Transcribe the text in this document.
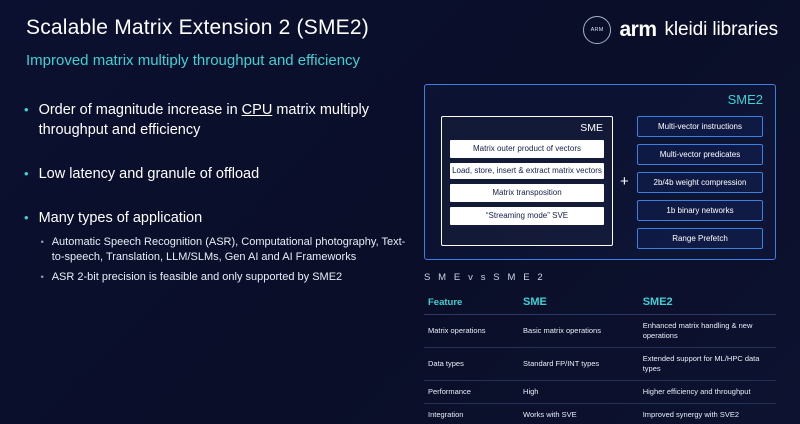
Scalable Matrix Extension 2 (SME2)
Improved matrix multiply throughput and efficiency
ARM arm kleidi libraries
• Order of magnitude increase in CPU matrix multiply throughput and efficiency
• Low latency and granule of offload
• Many types of application
• Automatic Speech Recognition (ASR), Computational photography, Text-to-speech, Translation, LLM/SLMs, Gen AI and AI Frameworks
• ASR 2-bit precision is feasible and only supported by SME2
SME2
SME
Matrix outer product of vectors
Load, store, insert & extract matrix vectors
Matrix transposition
“Streaming mode” SVE
+
Multi-vector instructions
Multi-vector predicates
2b/4b weight compression
1b binary networks
Range Prefetch
S M E v s S M E 2
Feature	SME	SME2
Matrix operations	Basic matrix operations	Enhanced matrix handling & new operations
Data types	Standard FP/INT types	Extended support for ML/HPC data types
Performance	High	Higher efficiency and throughput
Integration	Works with SVE	Improved synergy with SVE2
